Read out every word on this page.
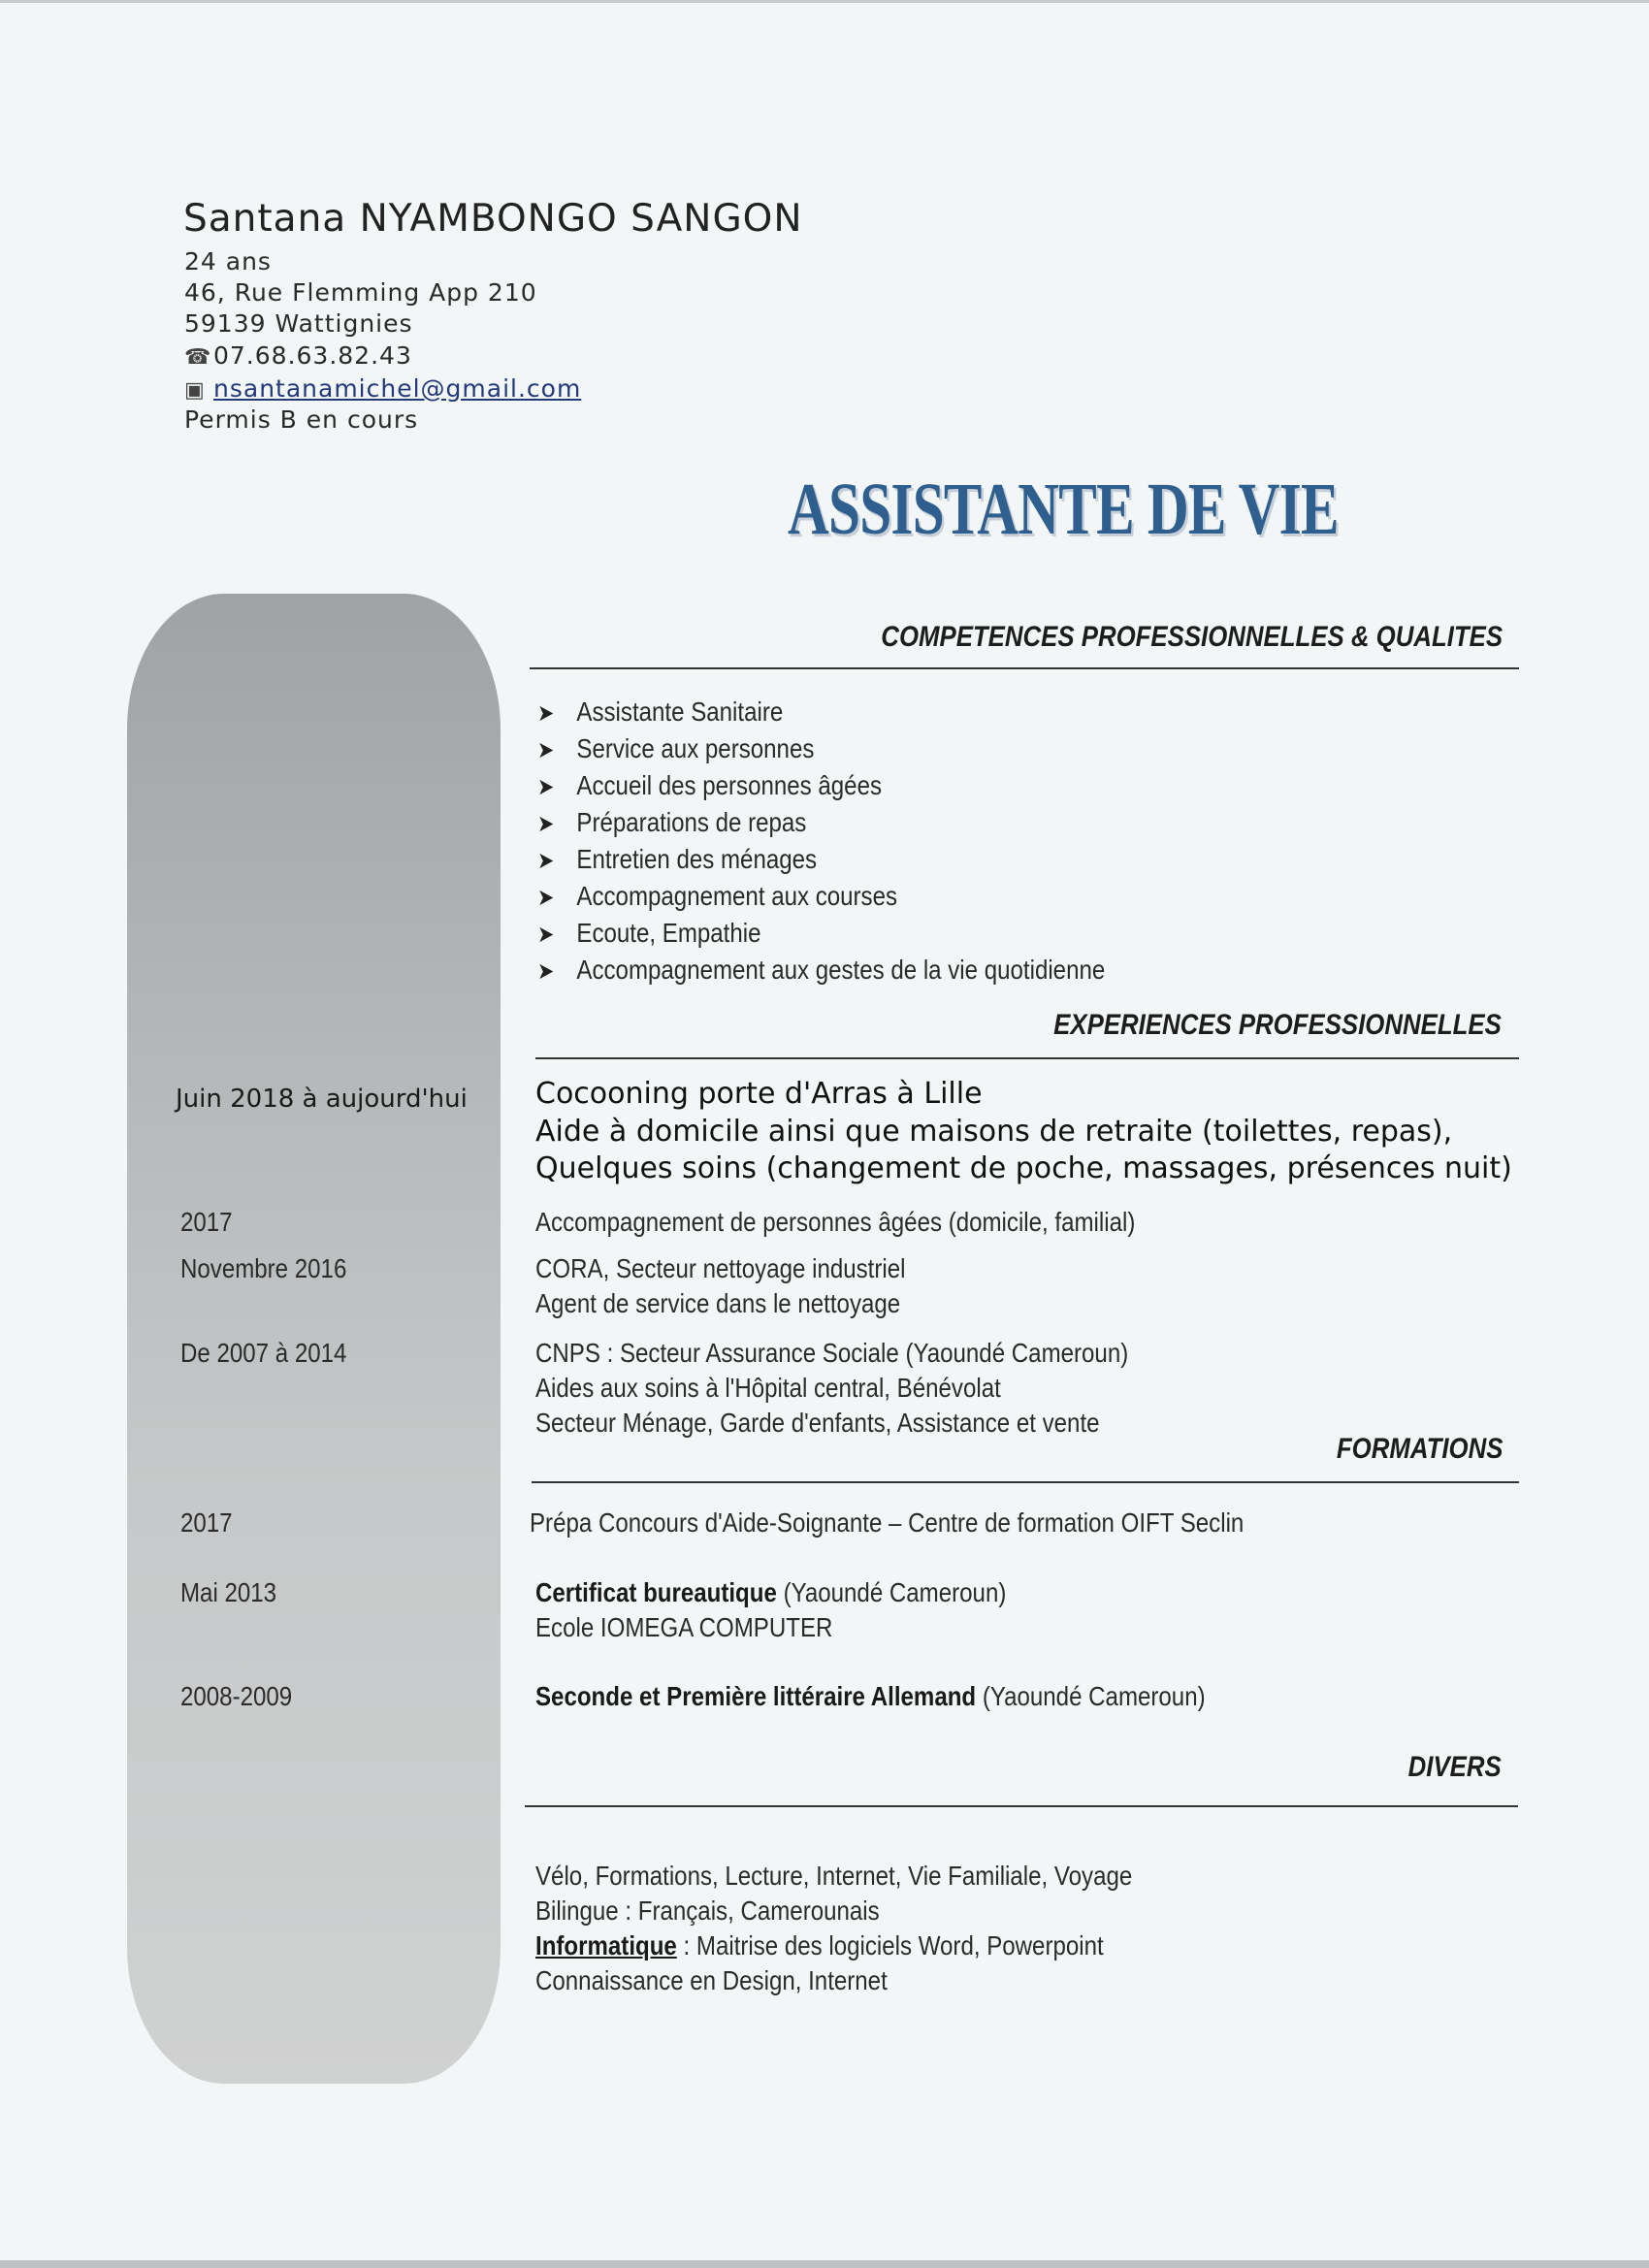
Santana NYAMBONGO SANGON
24 ans
46, Rue Flemming App 210
59139 Wattignies
☎07.68.63.82.43
▣ nsantanamichel@gmail.com
Permis B en cours
ASSISTANTE DE VIE
COMPETENCES PROFESSIONNELLES & QUALITES
➤ Assistante Sanitaire
➤ Service aux personnes
➤ Accueil des personnes âgées
➤ Préparations de repas
➤ Entretien des ménages
➤ Accompagnement aux courses
➤ Ecoute, Empathie
➤ Accompagnement aux gestes de la vie quotidienne
EXPERIENCES PROFESSIONNELLES
Juin 2018 à aujourd'hui Cocooning porte d'Arras à Lille
Aide à domicile ainsi que maisons de retraite (toilettes, repas),
Quelques soins (changement de poche, massages, présences nuit)
2017	Accompagnement de personnes âgées (domicile, familial)
Novembre 2016	CORA, Secteur nettoyage industriel
Agent de service dans le nettoyage
De 2007 à 2014	CNPS : Secteur Assurance Sociale (Yaoundé Cameroun)
Aides aux soins à l'Hôpital central, Bénévolat
Secteur Ménage, Garde d'enfants, Assistance et vente
FORMATIONS
2017	Prépa Concours d'Aide-Soignante – Centre de formation OIFT Seclin
Mai 2013	Certificat bureautique (Yaoundé Cameroun)
Ecole IOMEGA COMPUTER
2008-2009	Seconde et Première littéraire Allemand (Yaoundé Cameroun)
DIVERS
Vélo, Formations, Lecture, Internet, Vie Familiale, Voyage
Bilingue : Français, Camerounais
Informatique : Maitrise des logiciels Word, Powerpoint
Connaissance en Design, Internet
